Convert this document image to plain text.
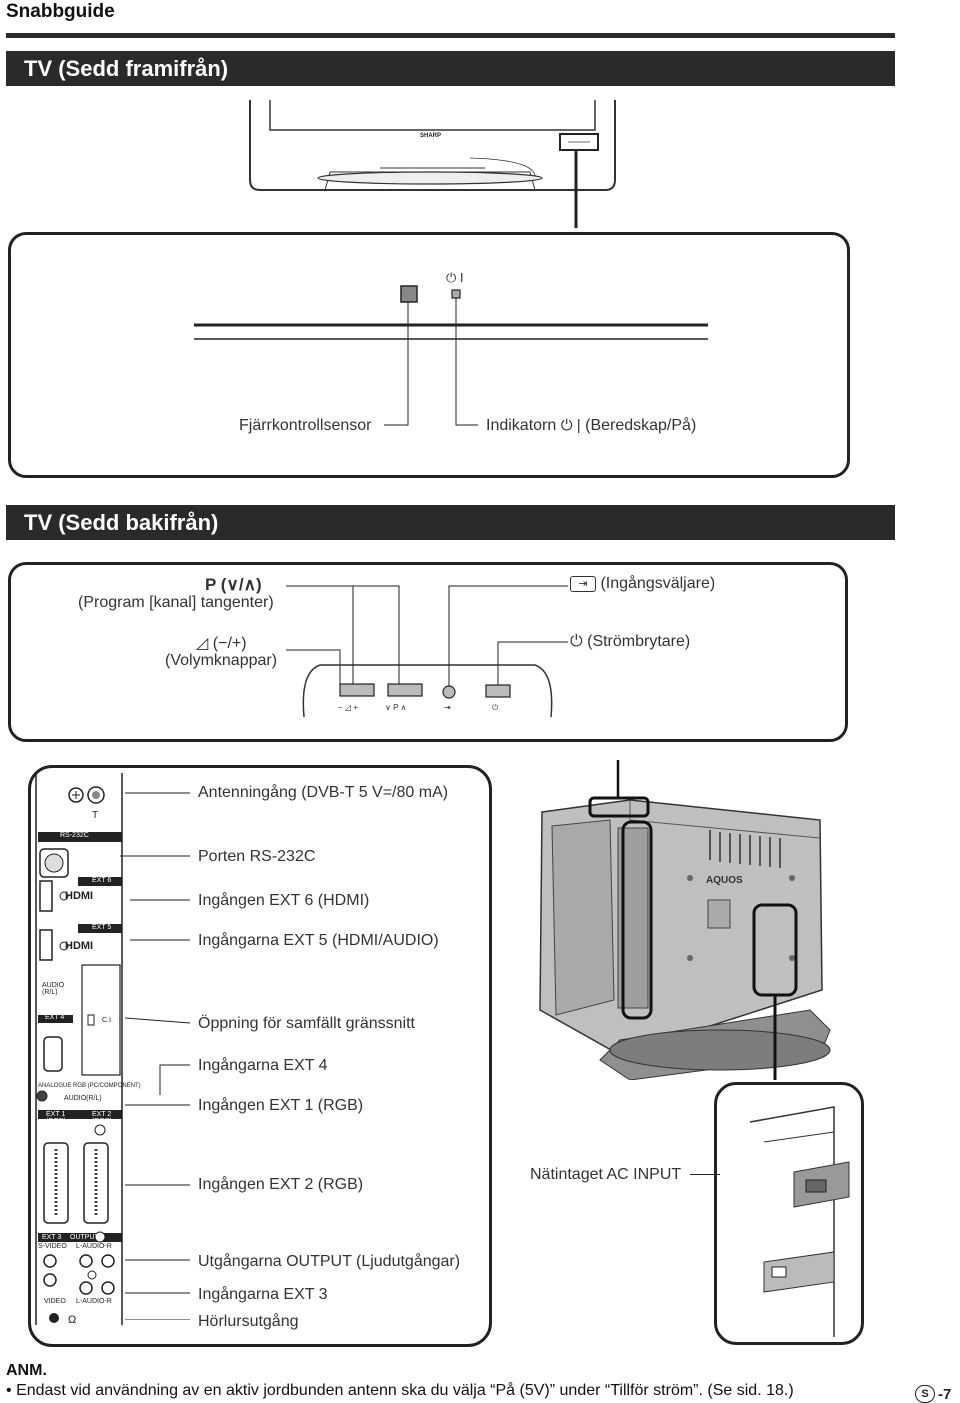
Snabbguide
TV (Sedd framifrån)
SHARP
⏻ I
Fjärrkontrollsensor	Indikatorn ⏻ | (Beredskap/På)
TV (Sedd bakifrån)
− ◿ +	∨ P ∧	⇥	⏻
P (∨/∧)
(Program [kanal] tangenter)
⇥ (Ingångsväljare)
◿ (−/+)
(Volymknappar)
⏻ (Strömbrytare)
T
Ω
RS-232C
EXT 6
HDMI
EXT 5
HDMI
AUDIO (R/L)
EXT 4	C.I.
ANALOGUE RGB (PC/COMPONENT)
AUDIO(R/L)
EXT 1 (RGB)
EXT 2 (RGB)
EXT 3 OUTPUT
S-VIDEO L-AUDIO-R
VIDEO L-AUDIO-R
Antenningång (DVB-T 5 V=/80 mA)
Porten RS-232C
Ingången EXT 6 (HDMI)
Ingångarna EXT 5 (HDMI/AUDIO)
Öppning för samfällt gränssnitt
Ingångarna EXT 4
Ingången EXT 1 (RGB)
Ingången EXT 2 (RGB)
Utgångarna OUTPUT (Ljudutgångar)
Ingångarna EXT 3
Hörlursutgång
AQUOS
Nätintaget AC INPUT
ANM.
• Endast vid användning av en aktiv jordbunden antenn ska du välja “På (5V)” under “Tillför ström”. (Se sid. 18.)	S -7
